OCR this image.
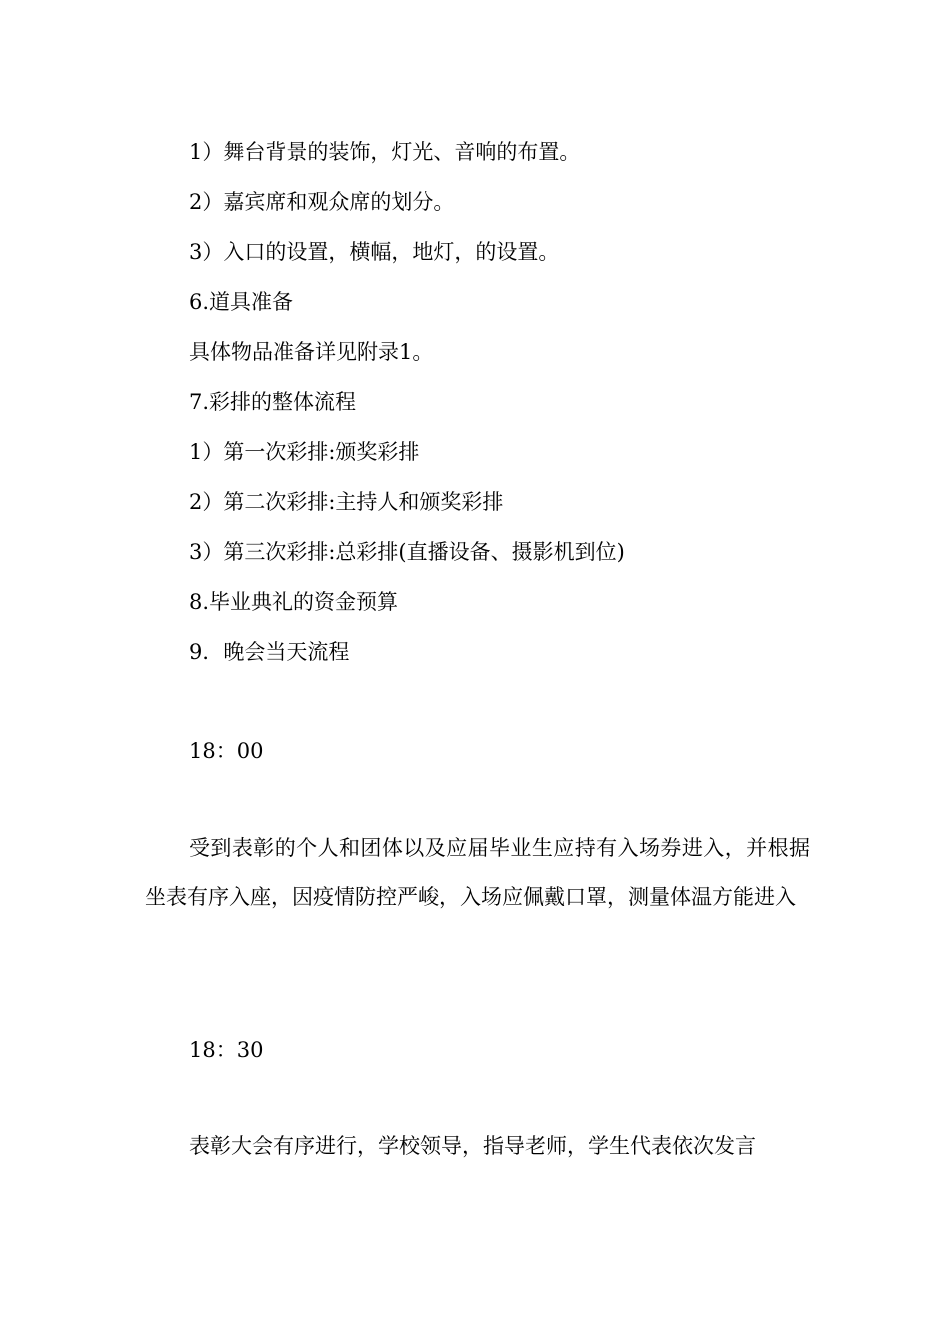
1）舞台背景的装饰，灯光、音响的布置。
2）嘉宾席和观众席的划分。
3）入口的设置，横幅，地灯，的设置。
6.道具准备
具体物品准备详见附录1。
7.彩排的整体流程
1）第一次彩排:颁奖彩排
2）第二次彩排:主持人和颁奖彩排
3）第三次彩排:总彩排(直播设备、摄影机到位)
8.毕业典礼的资金预算
9．晚会当天流程
18：00
受到表彰的个人和团体以及应届毕业生应持有入场券进入，并根据坐表有序入座，因疫情防控严峻，入场应佩戴口罩，测量体温方能进入
18：30
表彰大会有序进行，学校领导，指导老师，学生代表依次发言
